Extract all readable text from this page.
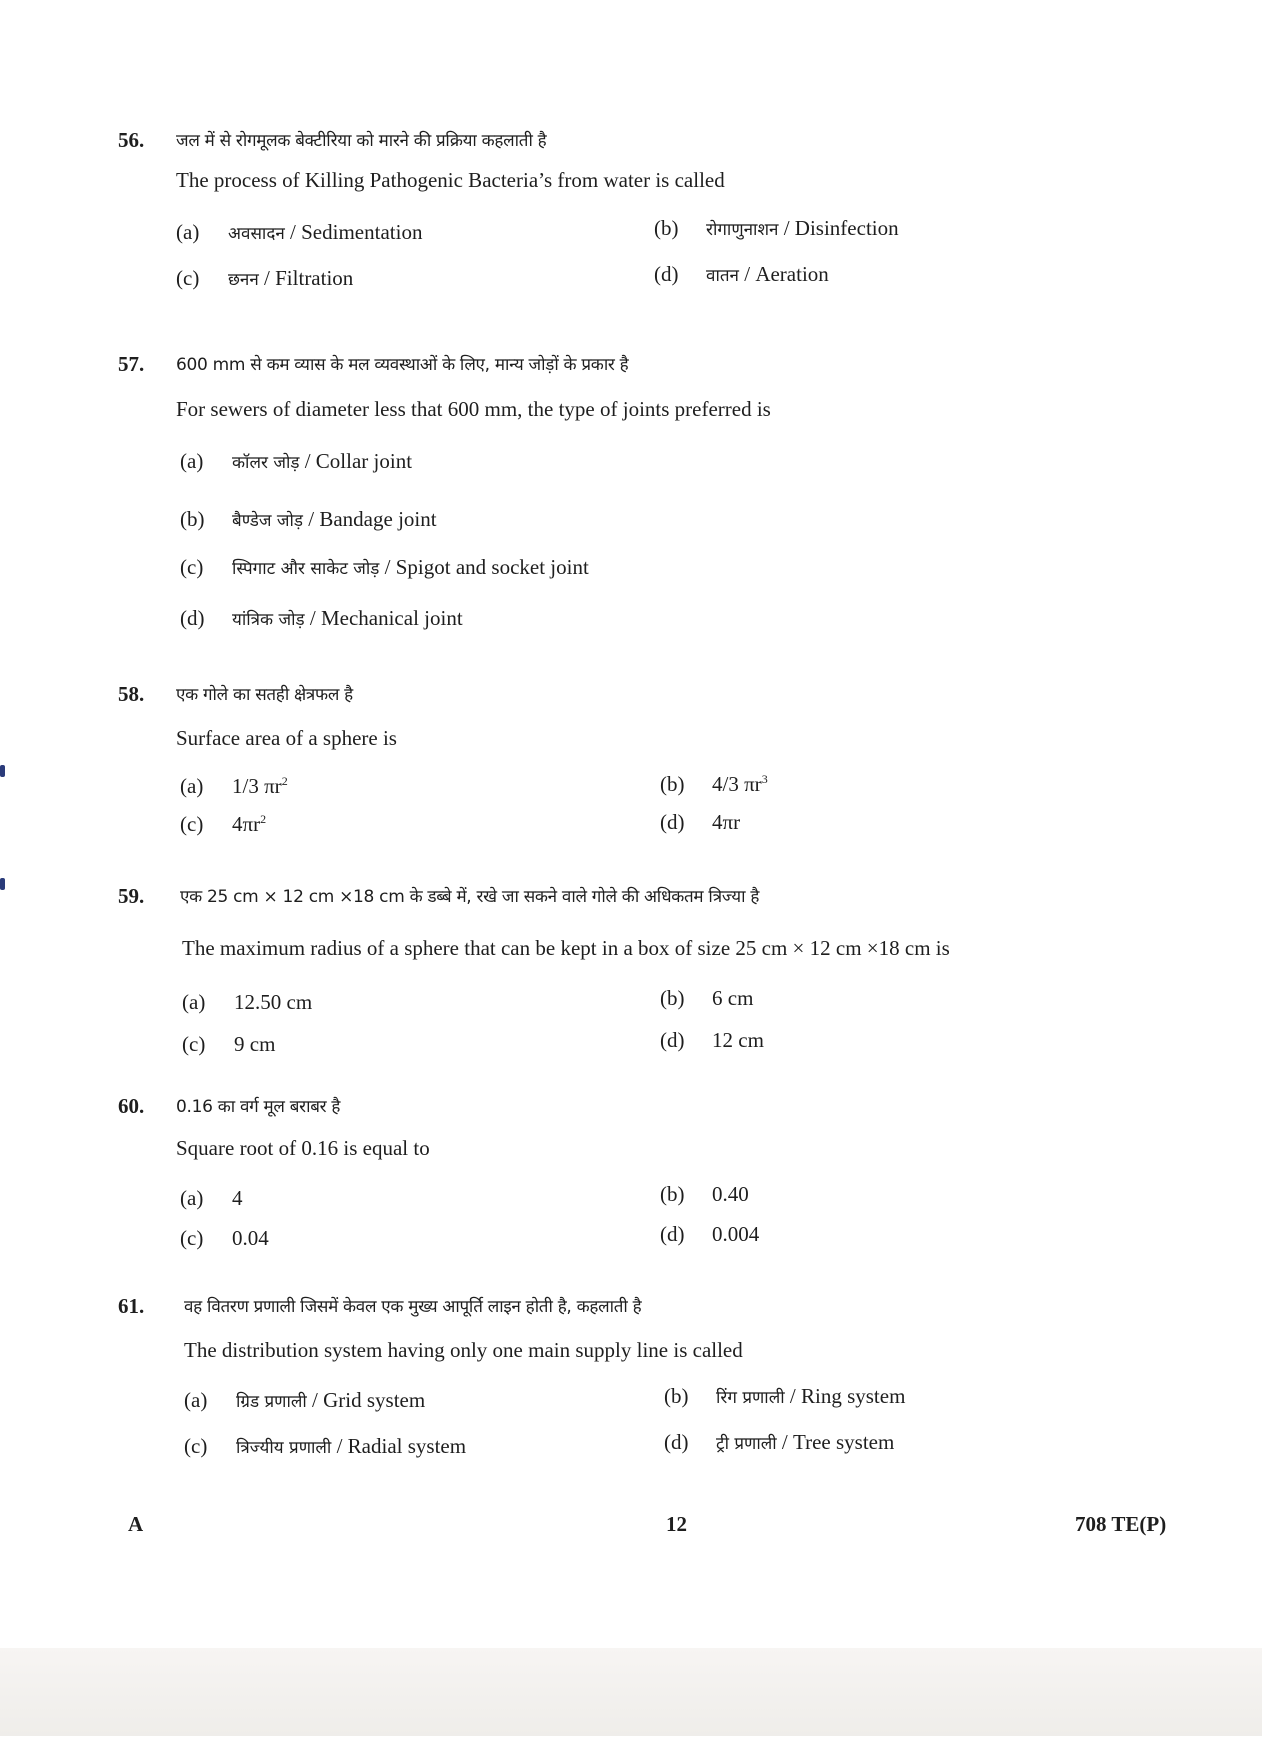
56. जल में से रोगमूलक बेक्टीरिया को मारने की प्रक्रिया कहलाती है
The process of Killing Pathogenic Bacteria’s from water is called
(a) अवसादन / Sedimentation	(b) रोगाणुनाशन / Disinfection
(c) छनन / Filtration	(d) वातन / Aeration
57. 600 mm से कम व्यास के मल व्यवस्थाओं के लिए, मान्य जोड़ों के प्रकार है
For sewers of diameter less that 600 mm, the type of joints preferred is
(a) कॉलर जोड़ / Collar joint
(b) बैण्डेज जोड़ / Bandage joint
(c) स्पिगाट और साकेट जोड़ / Spigot and socket joint
(d) यांत्रिक जोड़ / Mechanical joint
58. एक गोले का सतही क्षेत्रफल है
Surface area of a sphere is
(a) 1/3 $\pi r^2$	(b) 4/3 $\pi r^3$
(c) $4\pi r^2$	(d) 4πr
59. एक 25 cm × 12 cm ×18 cm के डब्बे में, रखे जा सकने वाले गोले की अधिकतम त्रिज्या है
The maximum radius of a sphere that can be kept in a box of size 25 cm × 12 cm ×18 cm is
(a) 12.50 cm	(b) 6 cm
(c) 9 cm	(d) 12 cm
60. 0.16 का वर्ग मूल बराबर है
Square root of 0.16 is equal to
(a) 4	(b) 0.40
(c) 0.04	(d) 0.004
61. वह वितरण प्रणाली जिसमें केवल एक मुख्य आपूर्ति लाइन होती है, कहलाती है
The distribution system having only one main supply line is called
(a) ग्रिड प्रणाली / Grid system	(b) रिंग प्रणाली / Ring system
(c) त्रिज्यीय प्रणाली / Radial system	(d) ट्री प्रणाली / Tree system
A	12	708 TE(P)
